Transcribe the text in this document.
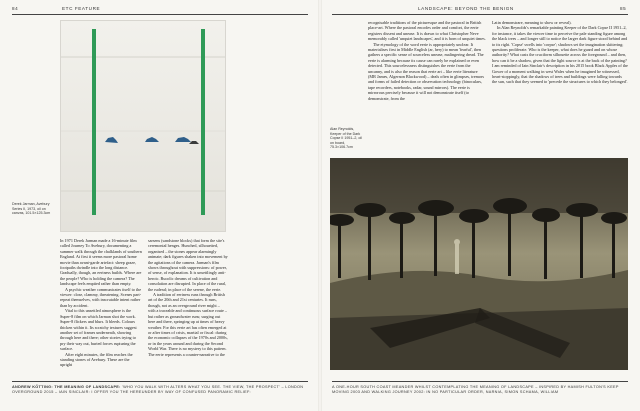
84	ETC FEATURE
Derek Jarman, Avebury Series II, 1973, oil on canvas, 101.5×125.3cm

In 1971 Derek Jarman made a 16-minute film called Journey To Avebury, documenting a summer walk through the chalklands of southern England. At first it seems more pastoral home movie than avant-garde artefact: sheep graze, footpaths dwindle into the long distance. Gradually, though, an eeriness builds. Where are the people? Who is holding the camera? The landscape feels emptied rather than empty.

A psychic weather communicates itself to the viewer: close, clammy, threatening. Scenes part-repeat themselves, with inscrutable intent rather than by accident.

Vital to this unsettled atmosphere is the Super-8 film on which Jarman shot the work. Super-8 flickers and blurs. It bleeds. Colours thicken within it. Its scratchy textures suggest another set of frames underneath, showing through here and there; other stories trying to pry their way out, buried forces rupturing the surface.

After eight minutes, the film reaches the standing stones of Avebury. These are the upright

sarsens (sandstone blocks) that form the site's ceremonial henges. Hunched, silhouetted, organised – the stones appear alarmingly animate; dark figures shaken into movement by the agitations of the camera. Jarman's film shows throughout with suppressions: of power, of sense, of explanation. It is unsettlingly anti-heroic. Bucolic dreams of cultivation and consolation are disrupted. In place of the rural, the ruderal; in place of the serene, the eerie.

A tradition of eeriness runs through British art of the 20th and 21st centuries. It runs, though, not as an overground river might – with a traceable and continuous surface route – but rather as groundwater runs; surging out here and there, springing up at times of heavy weather. For this eerie art has often emerged at or after times of crisis, martial or fiscal: during the economic collapses of the 1970s and 2000s, or in the years around and during the Second World War. There is no mystery to this pattern. The eerie represents a counter-narrative to the

ANDREW KÖTTING: THE MEANING OF LANDSCAPE: 'WHO YOU WALK WITH ALTERS WHAT YOU SEE. THE VIEW, THE PROSPECT' – LONDON OVERGROUND 2015 – IAIN SINCLAIR: I OFFER YOU THE HEREUNDER BY WAY OF CONFUSED PANORAMIC RELIEF:
LANDSCAPE: BEYOND THE BENIGN	85
Alan Reynolds, Keeper of the Dark Copse II 1951–2, oil on board, 75.3×106.7cm

recognisable traditions of the picturesque and the pastoral in British place-art. Where the pastoral encodes order and comfort, the eerie registers dissent and unease. It is drawn to what Christopher Neve memorably called 'unquiet landscapes', and it is born of unquiet times.

The etymology of the word eerie is appropriately unclear. It materialises first in Middle English (ar, hery) to mean 'fearful', then gathers a specific sense of sourceless unease, malingering dread. The eerie is alarming because its cause can rarely be explained or even detected. This sourcelessness distinguishes the eerie from the uncanny, and is also the reason that eerie art – like eerie literature (MR James, Algernon Blackwood) – deals often in glimpses, tremors and forms of failed detection or observation technology (binoculars, tape recorders, notebooks, radar, sound mirrors). The eerie is mirrorous precisely because it will not demonstrate itself (to demonstrate, from the

Latin demonstrare, meaning to show or reveal).

In Alan Reynolds's remarkable painting Keeper of the Dark Copse II 1951–2, for instance, it takes the viewer time to perceive the pale standing figure among the black trees – and longer still to notice the larger dark figure stood behind and to its right. 'Copse' swells into 'corpse'; shadows set the imagination skittering; questions proliferate. Who is the keeper, what does he guard and on whose authority? What casts the cruciform silhouette across the foreground – and then, how can it be a shadow, given that the light source is at the back of the painting? I am reminded of Iain Sinclair's description in his 2015 book Black Apples of the Gower of a moment walking in west Wales when he imagined he witnessed, heart-stoppingly, that the shadows of trees and buildings were falling towards the sun, such that they seemed to 'precede the structures to which they belonged'.

A ONE-HOUR SOUTH COAST MEANDER WHILST CONTEMPLATING THE MEANING OF LANDSCAPE – INSPIRED BY HAMISH FULTON'S KEEP MOVING 2003 AND WALKING JOURNEY 2002: IN NO PARTICULAR ORDER, NARNIA, SIMON SCHAMA, WILLIAM
